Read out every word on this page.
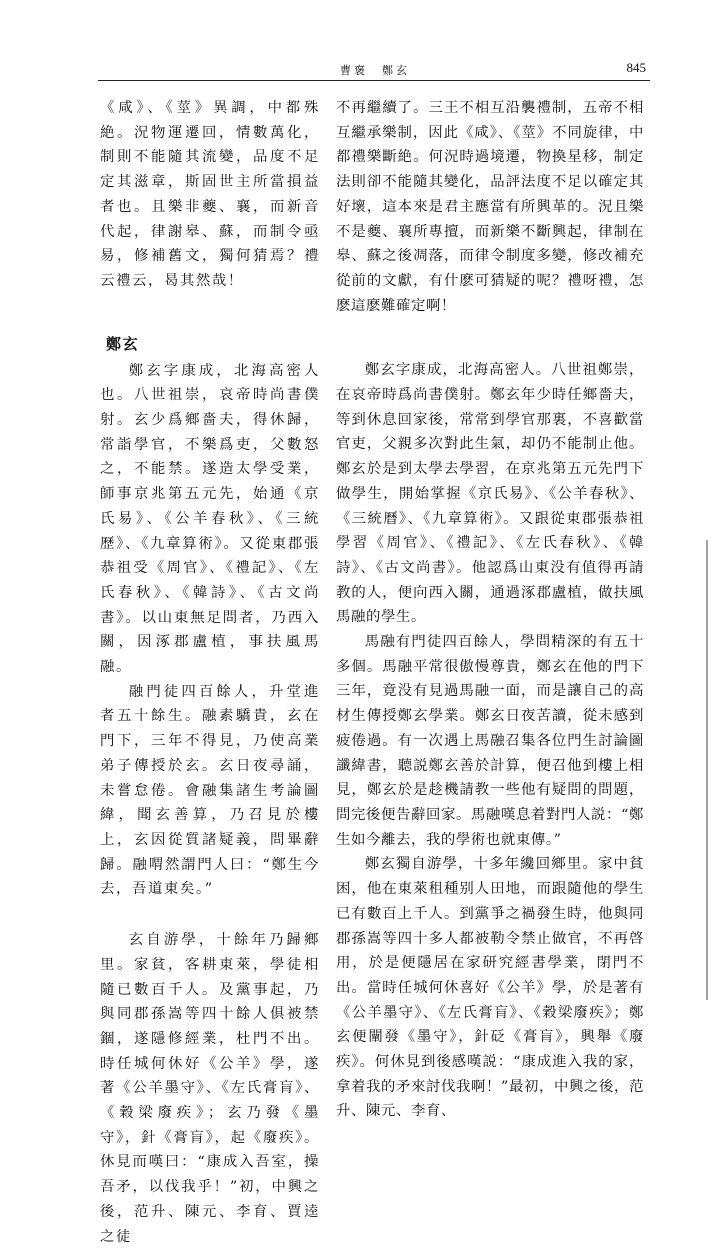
曹褒　鄭玄	845

《咸》、《莖》異調，中都殊絶。況物運遷回，情數萬化，制則不能隨其流變，品度不足定其滋章，斯固世主所當損益者也。且樂非夔、襄，而新音代起，律謝皋、蘇，而制令亟易，修補舊文，獨何猜焉？禮云禮云，曷其然哉！

鄭玄

鄭玄字康成，北海高密人也。八世祖崇，哀帝時尚書僕射。玄少爲鄉嗇夫，得休歸，常詣學官，不樂爲吏，父數怒之，不能禁。遂造太學受業，師事京兆第五元先，始通《京氏易》、《公羊春秋》、《三統歷》、《九章算術》。又從東郡張恭祖受《周官》、《禮記》、《左氏春秋》、《韓詩》、《古文尚書》。以山東無足問者，乃西入關，因涿郡盧植，事扶風馬融。

融門徒四百餘人，升堂進者五十餘生。融素驕貴，玄在門下，三年不得見，乃使高業弟子傳授於玄。玄日夜尋誦，未嘗怠倦。會融集諸生考論圖緯，聞玄善算，乃召見於樓上，玄因從質諸疑義，問畢辭歸。融喟然謂門人曰：“鄭生今去，吾道東矣。”

玄自游學，十餘年乃歸鄉里。家貧，客耕東萊，學徒相隨已數百千人。及黨事起，乃與同郡孫嵩等四十餘人俱被禁錮，遂隱修經業，杜門不出。時任城何休好《公羊》學，遂著《公羊墨守》、《左氏膏肓》、《穀梁廢疾》；玄乃發《墨守》，針《膏肓》，起《廢疾》。休見而嘆曰：“康成入吾室，操吾矛，以伐我乎！”初，中興之後，范升、陳元、李育、賈逵之徒

不再繼續了。三王不相互沿襲禮制，五帝不相互繼承樂制，因此《咸》、《莖》不同旋律，中都禮樂斷絶。何況時過境遷，物換星移，制定法則卻不能隨其變化，品評法度不足以確定其好壞，這本來是君主應當有所興革的。況且樂不是夔、襄所專擅，而新樂不斷興起，律制在皋、蘇之後凋落，而律令制度多變，修改補充從前的文獻，有什麽可猜疑的呢？禮呀禮，怎麽這麽難確定啊！

鄭玄字康成，北海高密人。八世祖鄭崇，在哀帝時爲尚書僕射。鄭玄年少時任鄉嗇夫，等到休息回家後，常常到學官那裏，不喜歡當官吏，父親多次對此生氣，却仍不能制止他。鄭玄於是到太學去學習，在京兆第五元先門下做學生，開始掌握《京氏易》、《公羊春秋》、《三統曆》、《九章算術》。又跟從東郡張恭祖學習《周官》、《禮記》、《左氏春秋》、《韓詩》、《古文尚書》。他認爲山東没有值得再請教的人，便向西入關，通過涿郡盧植，做扶風馬融的學生。

馬融有門徒四百餘人，學問精深的有五十多個。馬融平常很傲慢尊貴，鄭玄在他的門下三年，竟没有見過馬融一面，而是讓自己的高材生傳授鄭玄學業。鄭玄日夜苦讀，從未感到疲倦過。有一次遇上馬融召集各位門生討論圖讖緯書，聽説鄭玄善於計算，便召他到樓上相見，鄭玄於是趁機請教一些他有疑問的問題，問完後便告辭回家。馬融嘆息着對門人説：“鄭生如今離去，我的學術也就東傳。”

鄭玄獨自游學，十多年纔回鄉里。家中貧困，他在東萊租種别人田地，而跟隨他的學生已有數百上千人。到黨爭之禍發生時，他與同郡孫嵩等四十多人都被勒令禁止做官，不再啓用，於是便隱居在家研究經書學業，閉門不出。當時任城何休喜好《公羊》學，於是著有《公羊墨守》、《左氏膏肓》、《穀梁廢疾》；鄭玄便闡發《墨守》，針砭《膏肓》，興舉《廢疾》。何休見到後感嘆説：“康成進入我的家，拿着我的矛來討伐我啊！”最初，中興之後，范升、陳元、李育、
